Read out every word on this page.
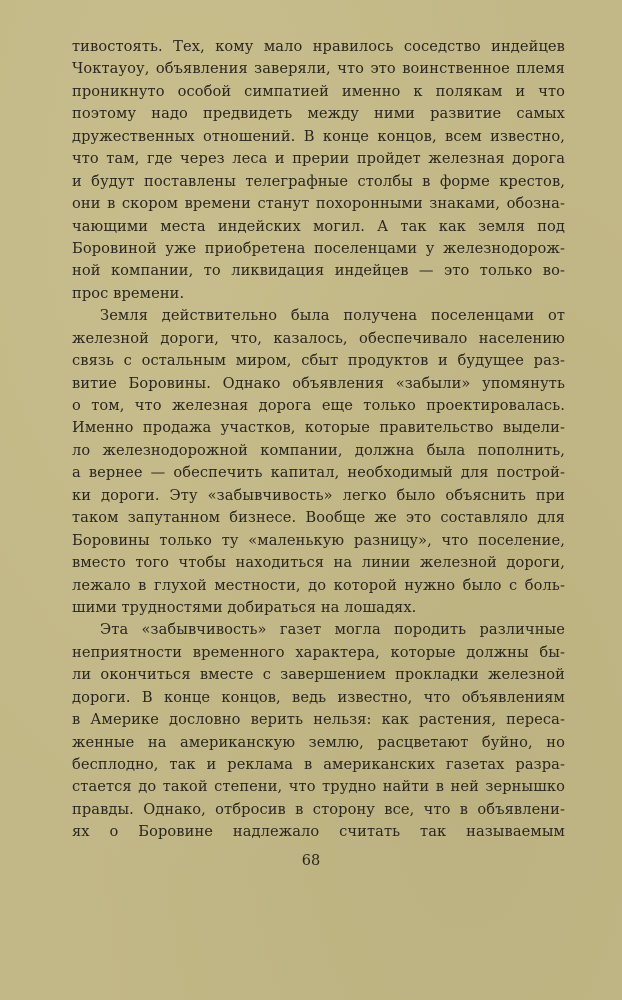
тивостоять. Тех, кому мало нравилось соседство индейцев
Чоктауоу, объявления заверяли, что это воинственное племя
проникнуто особой симпатией именно к полякам и что
поэтому надо предвидеть между ними развитие самых
дружественных отношений. В конце концов, всем известно,
что там, где через леса и прерии пройдет железная дорога
и будут поставлены телеграфные столбы в форме крестов,
они в скором времени станут похоронными знаками, обозна-
чающими места индейских могил. А так как земля под
Боровиной уже приобретена поселенцами у железнодорож-
ной компании, то ликвидация индейцев — это только во-
прос времени.
Земля действительно была получена поселенцами от
железной дороги, что, казалось, обеспечивало населению
связь с остальным миром, сбыт продуктов и будущее раз-
витие Боровины. Однако объявления «забыли» упомянуть
о том, что железная дорога еще только проектировалась.
Именно продажа участков, которые правительство выдели-
ло железнодорожной компании, должна была пополнить,
а вернее — обеспечить капитал, необходимый для построй-
ки дороги. Эту «забывчивость» легко было объяснить при
таком запутанном бизнесе. Вообще же это составляло для
Боровины только ту «маленькую разницу», что поселение,
вместо того чтобы находиться на линии железной дороги,
лежало в глухой местности, до которой нужно было с боль-
шими трудностями добираться на лошадях.
Эта «забывчивость» газет могла породить различные
неприятности временного характера, которые должны бы-
ли окончиться вместе с завершением прокладки железной
дороги. В конце концов, ведь известно, что объявлениям
в Америке дословно верить нельзя: как растения, переса-
женные на американскую землю, расцветают буйно, но
бесплодно, так и реклама в американских газетах разра-
стается до такой степени, что трудно найти в ней зернышко
правды. Однако, отбросив в сторону все, что в объявлени-
ях о Боровине надлежало считать так называемым
68
